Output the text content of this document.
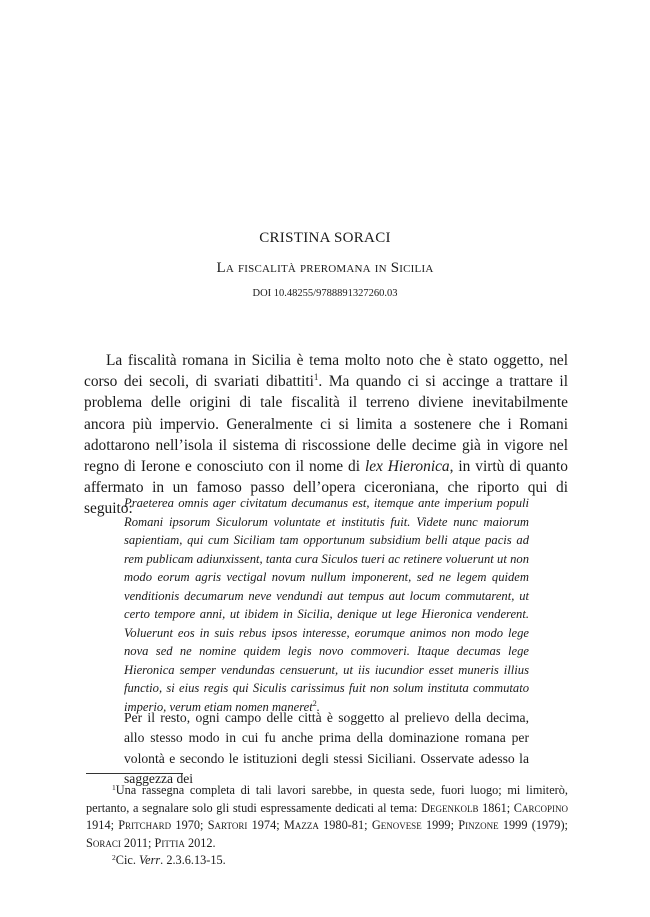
CRISTINA SORACI
La fiscalità preromana in Sicilia
DOI 10.48255/9788891327260.03

La fiscalità romana in Sicilia è tema molto noto che è stato oggetto, nel corso dei secoli, di svariati dibattiti$^1$. Ma quando ci si accinge a trattare il problema delle origini di tale fiscalità il terreno diviene inevitabilmente ancora più impervio. Generalmente ci si limita a sostenere che i Romani adottarono nell’isola il sistema di riscossione delle decime già in vigore nel regno di Ierone e conosciuto con il nome di lex Hieronica, in virtù di quanto affermato in un famoso passo dell’opera ciceroniana, che riporto qui di seguito:

Praeterea omnis ager civitatum decumanus est, itemque ante imperium populi Romani ipsorum Siculorum voluntate et institutis fuit. Videte nunc maiorum sapientiam, qui cum Siciliam tam opportunum subsidium belli atque pacis ad rem publicam adiunxissent, tanta cura Siculos tueri ac retinere voluerunt ut non modo eorum agris vectigal novum nullum imponerent, sed ne legem quidem venditionis decumarum neve vendundi aut tempus aut locum commutarent, ut certo tempore anni, ut ibidem in Sicilia, denique ut lege Hieronica venderent. Voluerunt eos in suis rebus ipsos interesse, eorumque animos non modo lege nova sed ne nomine quidem legis novo commoveri. Itaque decumas lege Hieronica semper vendundas censuerunt, ut iis iucundior esset muneris illius functio, si eius regis qui Siculis carissimus fuit non solum instituta commutato imperio, verum etiam nomen maneret$^2$.
Per il resto, ogni campo delle città è soggetto al prelievo della decima, allo stesso modo in cui fu anche prima della dominazione romana per volontà e secondo le istituzioni degli stessi Siciliani. Osservate adesso la saggezza dei

$^1$Una rassegna completa di tali lavori sarebbe, in questa sede, fuori luogo; mi limiterò, pertanto, a segnalare solo gli studi espressamente dedicati al tema: Degenkolb 1861; Carcopino 1914; Pritchard 1970; Sartori 1974; Mazza 1980-81; Genovese 1999; Pinzone 1999 (1979); Soraci 2011; Pittia 2012.

$^2$Cic. Verr. 2.3.6.13-15.
